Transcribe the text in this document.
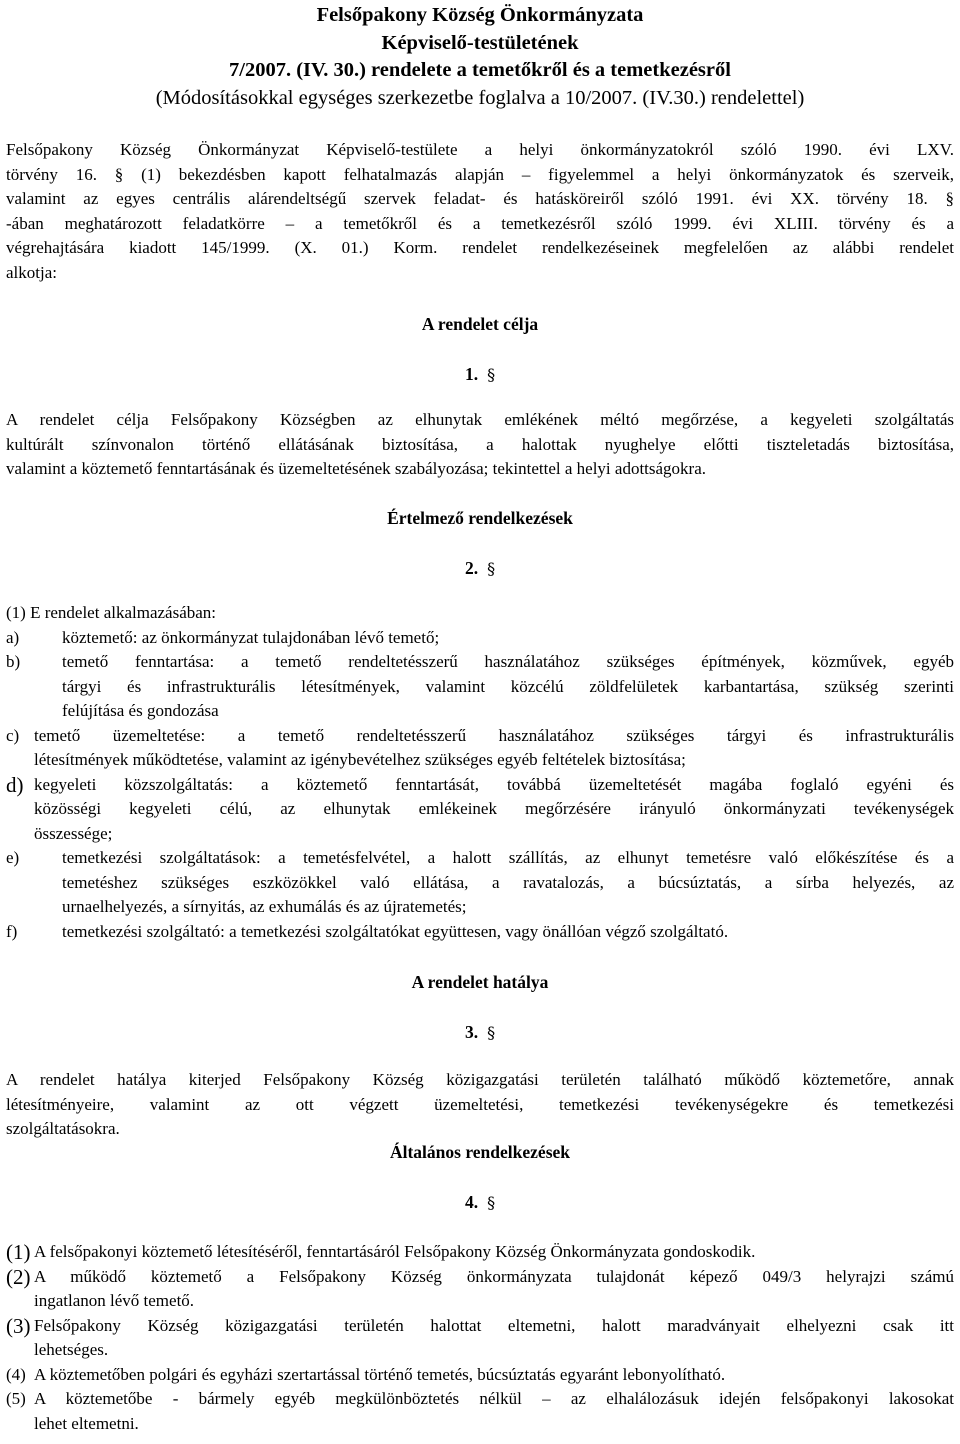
Felsőpakony Község Önkormányzata
Képviselő-testületének
7/2007. (IV. 30.) rendelete a temetőkről és a temetkezésről
(Módosításokkal egységes szerkezetbe foglalva a 10/2007. (IV.30.) rendelettel)
Felsőpakony Község Önkormányzat Képviselő-testülete a helyi önkormányzatokról szóló 1990. évi LXV.
törvény 16. § (1) bekezdésben kapott felhatalmazás alapján – figyelemmel a helyi önkormányzatok és szerveik,
valamint az egyes centrális alárendeltségű szervek feladat- és hatásköreiről szóló 1991. évi XX. törvény 18. §
-ában meghatározott feladatkörre – a temetőkről és a temetkezésről szóló 1999. évi XLIII. törvény és a
végrehajtására kiadott 145/1999. (X. 01.) Korm. rendelet rendelkezéseinek megfelelően az alábbi rendelet
alkotja:
A rendelet célja
1. §
A rendelet célja Felsőpakony Községben az elhunytak emlékének méltó megőrzése, a kegyeleti szolgáltatás
kultúrált színvonalon történő ellátásának biztosítása, a halottak nyughelye előtti tiszteletadás biztosítása,
valamint a köztemető fenntartásának és üzemeltetésének szabályozása; tekintettel a helyi adottságokra.
Értelmező rendelkezések
2. §
(1) E rendelet alkalmazásában:
a)	köztemető: az önkormányzat tulajdonában lévő temető;
b)	temető fenntartása: a temető rendeltetésszerű használatához szükséges építmények, közművek, egyéb
tárgyi és infrastrukturális létesítmények, valamint közcélú zöldfelületek karbantartása, szükség szerinti
felújítása és gondozása
c) temető üzemeltetése: a temető rendeltetésszerű használatához szükséges tárgyi és infrastrukturális
létesítmények működtetése, valamint az igénybevételhez szükséges egyéb feltételek biztosítása;
d) kegyeleti közszolgáltatás: a köztemető fenntartását, továbbá üzemeltetését magába foglaló egyéni és
közösségi kegyeleti célú, az elhunytak emlékeinek megőrzésére irányuló önkormányzati tevékenységek
összessége;
e)	temetkezési szolgáltatások: a temetésfelvétel, a halott szállítás, az elhunyt temetésre való előkészítése és a
temetéshez szükséges eszközökkel való ellátása, a ravatalozás, a búcsúztatás, a sírba helyezés, az
urnaelhelyezés, a sírnyitás, az exhumálás és az újratemetés;
f)	temetkezési szolgáltató: a temetkezési szolgáltatókat együttesen, vagy önállóan végző szolgáltató.
A rendelet hatálya
3. §
A rendelet hatálya kiterjed Felsőpakony Község közigazgatási területén található működő köztemetőre, annak
létesítményeire, valamint az ott végzett üzemeltetési, temetkezési tevékenységekre és temetkezési
szolgáltatásokra.
Általános rendelkezések
4. §
(1) A felsőpakonyi köztemető létesítéséről, fenntartásáról Felsőpakony Község Önkormányzata gondoskodik.
(2) A működő köztemető a Felsőpakony Község önkormányzata tulajdonát képező 049/3 helyrajzi számú
ingatlanon lévő temető.
(3) Felsőpakony Község közigazgatási területén halottat eltemetni, halott maradványait elhelyezni csak itt
lehetséges.
(4) A köztemetőben polgári és egyházi szertartással történő temetés, búcsúztatás egyaránt lebonyolítható.
(5) A köztemetőbe - bármely egyéb megkülönböztetés nélkül – az elhalálozásuk idején felsőpakonyi lakosokat
lehet eltemetni.
